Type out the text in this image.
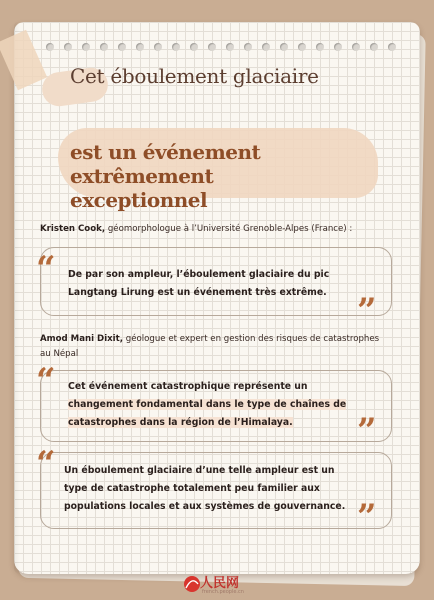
Cet éboulement glaciaire
est un événement extrêmement
exceptionnel

Kristen Cook, géomorphologue à l’Université Grenoble-Alpes (France) :

“ De par son ampleur, l’éboulement glaciaire du pic
Langtang Lirung est un événement très extrême. ”

Amod Mani Dixit, géologue et expert en gestion des risques de catastrophes au Népal

“ Cet événement catastrophique représente un
changement fondamental dans le type de chaînes de
catastrophes dans la région de l’Himalaya.	”
“ Un éboulement glaciaire d’une telle ampleur est un
type de catastrophe totalement peu familier aux
populations locales et aux systèmes de gouvernance. ”

人民网

french.people.cn
